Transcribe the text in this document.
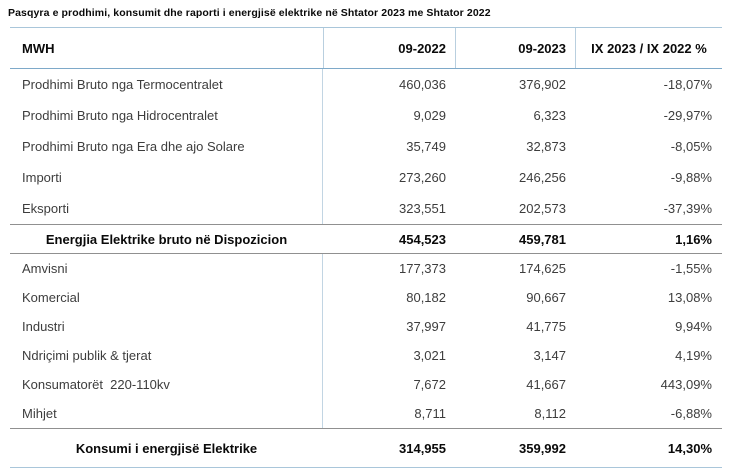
Pasqyra e prodhimi, konsumit dhe raporti i energjisë elektrike në Shtator 2023 me Shtator 2022
MWH	09-2022	09-2023	IX 2023 / IX 2022 %
Prodhimi Bruto nga Termocentralet	460,036	376,902	-18,07%
Prodhimi Bruto nga Hidrocentralet	9,029	6,323	-29,97%
Prodhimi Bruto nga Era dhe ajo Solare	35,749	32,873	-8,05%
Importi	273,260	246,256	-9,88%
Eksporti	323,551	202,573	-37,39%
Energjia Elektrike bruto në Dispozicion	454,523	459,781	1,16%
Amvisni	177,373	174,625	-1,55%
Komercial	80,182	90,667	13,08%
Industri	37,997	41,775	9,94%
Ndriçimi publik & tjerat	3,021	3,147	4,19%
Konsumatorët  220-110kv	7,672	41,667	443,09%
Mihjet	8,711	8,112	-6,88%
Konsumi i energjisë Elektrike	314,955	359,992	14,30%
